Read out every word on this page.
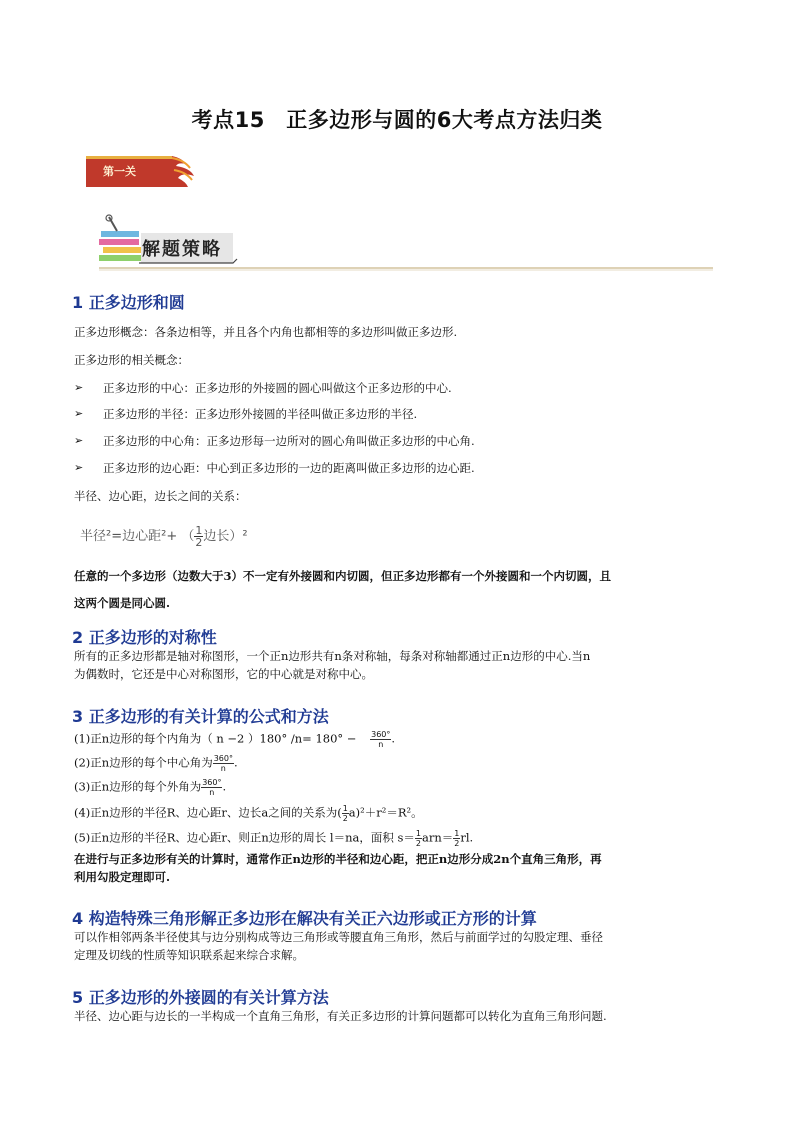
考点15　正多边形与圆的6大考点方法归类
第一关
解题策略
1 正多边形和圆
正多边形概念：各条边相等，并且各个内角也都相等的多边形叫做正多边形.
正多边形的相关概念：
➢ 正多边形的中心：正多边形的外接圆的圆心叫做这个正多边形的中心.
➢ 正多边形的半径：正多边形外接圆的半径叫做正多边形的半径.
➢ 正多边形的中心角：正多边形每一边所对的圆心角叫做正多边形的中心角.
➢ 正多边形的边心距：中心到正多边形的一边的距离叫做正多边形的边心距.
半径、边心距，边长之间的关系：
半径²=边心距²+ （ $\frac{1}{2}$ 边长）²
任意的一个多边形（边数大于3）不一定有外接圆和内切圆，但正多边形都有一个外接圆和一个内切圆，且
这两个圆是同心圆.
2 正多边形的对称性
所有的正多边形都是轴对称图形，一个正n边形共有n条对称轴，每条对称轴都通过正n边形的中心.当n
为偶数时，它还是中心对称图形，它的中心就是对称中心。
3 正多边形的有关计算的公式和方法
(1)正n边形的每个内角为（ n −2 ）180° $/n= 180^\circ - \frac{360^\circ}{n}$ .
(2)正n边形的每个中心角为 $\frac{360^\circ}{n}$ .
(3)正n边形的每个外角为 $\frac{360^\circ}{n}$ .
(4)正n边形的半径R、边心距r、边长a之间的关系为( $\frac{1}{2} a)^2+r^2=R^2$。
(5)正n边形的半径R、边心距r、则正n边形的周长 l＝na，面积 $s= \frac{1}{2} arn= \frac{1}{2}$ rl.
在进行与正多边形有关的计算时，通常作正n边形的半径和边心距，把正n边形分成2n个直角三角形，再
利用勾股定理即可.
4 构造特殊三角形解正多边形在解决有关正六边形或正方形的计算
可以作相邻两条半径使其与边分别构成等边三角形或等腰直角三角形，然后与前面学过的勾股定理、垂径
定理及切线的性质等知识联系起来综合求解。
5 正多边形的外接圆的有关计算方法
半径、边心距与边长的一半构成一个直角三角形，有关正多边形的计算问题都可以转化为直角三角形问题.
